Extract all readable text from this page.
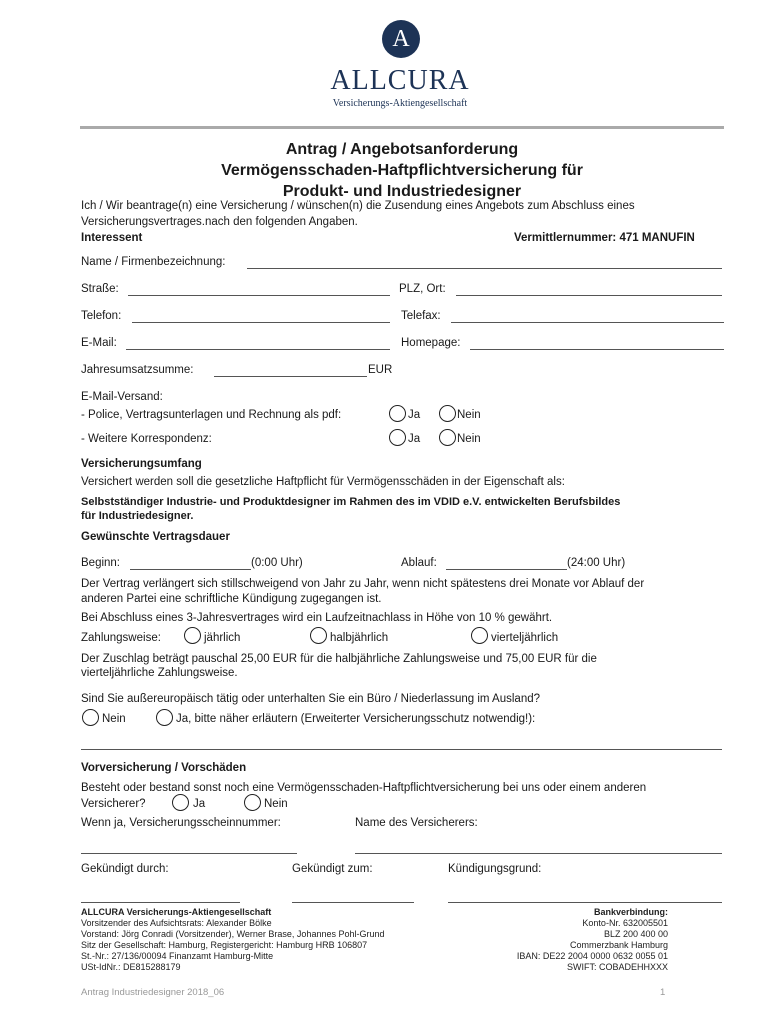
A
ALLCURA
Versicherungs-Aktiengesellschaft
Antrag / Angebotsanforderung
Vermögensschaden-Haftpflichtversicherung für
Produkt- und Industriedesigner
Ich / Wir beantrage(n) eine Versicherung / wünschen(n) die Zusendung eines Angebots zum Abschluss eines
Versicherungsvertrages.nach den folgenden Angaben.
Interessent	Vermittlernummer: 471 MANUFIN
Name / Firmenbezeichnung:
Straße:	PLZ, Ort:
Telefon:	Telefax:
E-Mail:	Homepage:
Jahresumsatzsumme:	EUR
E-Mail-Versand:
- Police, Vertragsunterlagen und Rechnung als pdf:	Ja	Nein
- Weitere Korrespondenz:	Ja	Nein
Versicherungsumfang
Versichert werden soll die gesetzliche Haftpflicht für Vermögensschäden in der Eigenschaft als:
Selbstständiger Industrie- und Produktdesigner im Rahmen des im VDID e.V. entwickelten Berufsbildes
für Industriedesigner.
Gewünschte Vertragsdauer
Beginn:	(0:00 Uhr)	Ablauf:	(24:00 Uhr)
Der Vertrag verlängert sich stillschweigend von Jahr zu Jahr, wenn nicht spätestens drei Monate vor Ablauf der
anderen Partei eine schriftliche Kündigung zugegangen ist.
Bei Abschluss eines 3-Jahresvertrages wird ein Laufzeitnachlass in Höhe von 10 % gewährt.
Zahlungsweise:	jährlich	halbjährlich	vierteljährlich
Der Zuschlag beträgt pauschal 25,00 EUR für die halbjährliche Zahlungsweise und 75,00 EUR für die
vierteljährliche Zahlungsweise.
Sind Sie außereuropäisch tätig oder unterhalten Sie ein Büro / Niederlassung im Ausland?
Nein	Ja, bitte näher erläutern (Erweiterter Versicherungsschutz notwendig!):
Vorversicherung / Vorschäden
Besteht oder bestand sonst noch eine Vermögensschaden-Haftpflichtversicherung bei uns oder einem anderen
Versicherer?	Ja	Nein
Wenn ja, Versicherungsscheinnummer:	Name des Versicherers:
Gekündigt durch:	Gekündigt zum:	Kündigungsgrund:
ALLCURA Versicherungs-Aktiengesellschaft
Vorsitzender des Aufsichtsrats: Alexander Bölke
Vorstand: Jörg Conradi (Vorsitzender), Werner Brase, Johannes Pohl-Grund
Sitz der Gesellschaft: Hamburg, Registergericht: Hamburg HRB 106807
St.-Nr.: 27/136/00094 Finanzamt Hamburg-Mitte
USt-IdNr.: DE815288179
Bankverbindung:
Konto-Nr. 632005501
BLZ 200 400 00
Commerzbank Hamburg
IBAN: DE22 2004 0000 0632 0055 01
SWIFT: COBADEHHXXX
Antrag Industriedesigner 2018_06	1
